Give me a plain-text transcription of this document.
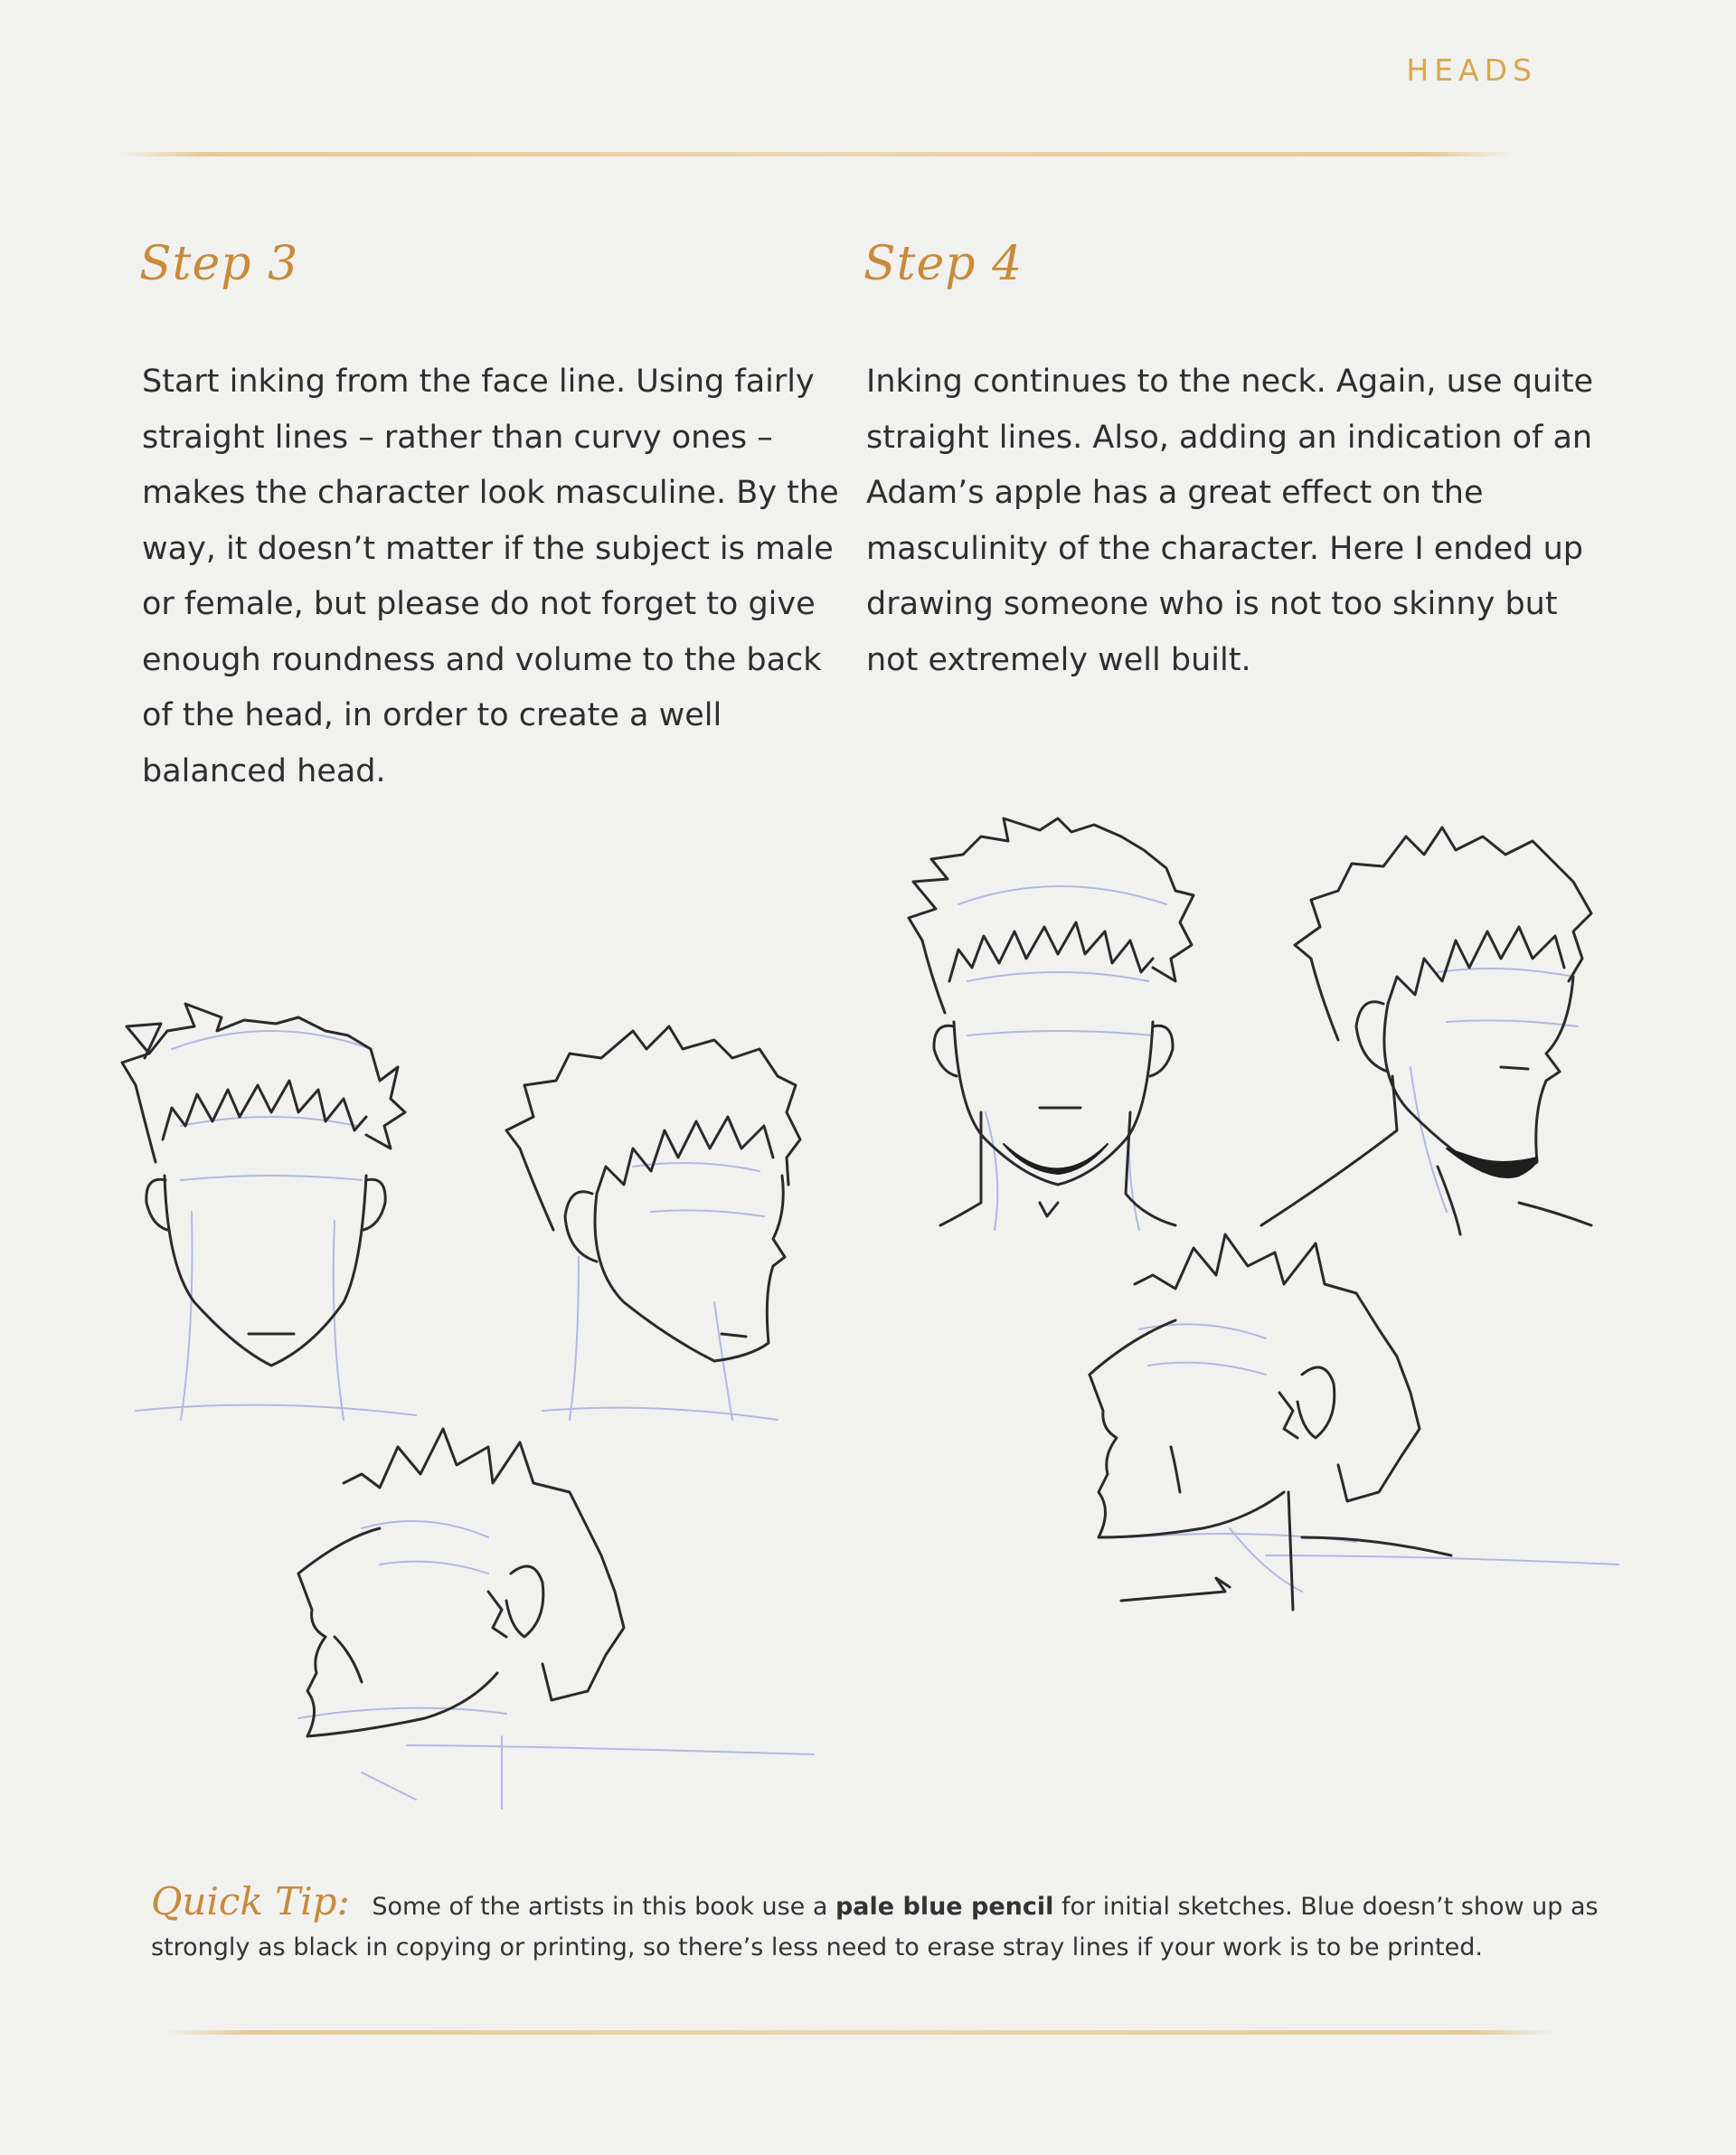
HEADS
Step 3	Step 4
Start inking from the face line. Using fairly
straight lines – rather than curvy ones –
makes the character look masculine. By the
way, it doesn’t matter if the subject is male
or female, but please do not forget to give
enough roundness and volume to the back
of the head, in order to create a well
balanced head.
Inking continues to the neck. Again, use quite
straight lines. Also, adding an indication of an
Adam’s apple has a great effect on the
masculinity of the character. Here I ended up
drawing someone who is not too skinny but
not extremely well built.
Quick Tip: Some of the artists in this book use a pale blue pencil for initial sketches. Blue doesn’t show up as
strongly as black in copying or printing, so there’s less need to erase stray lines if your work is to be printed.
